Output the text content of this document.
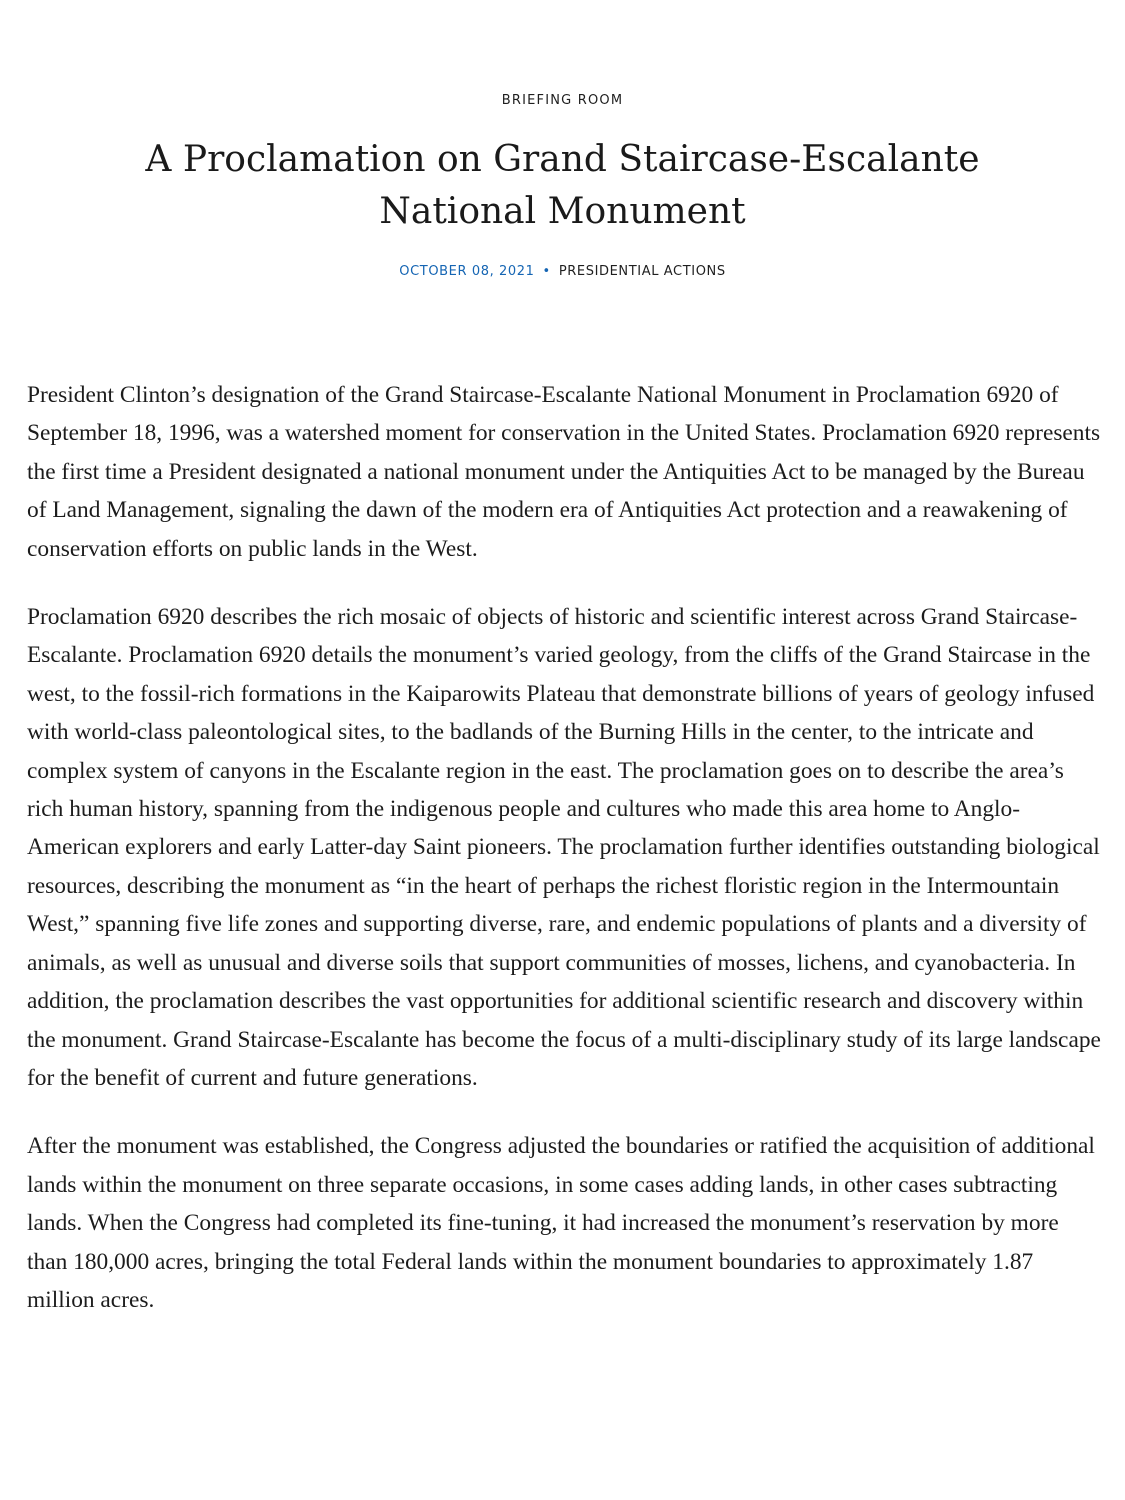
BRIEFING ROOM

A Proclamation on Grand Staircase-Escalante National Monument
OCTOBER 08, 2021 • PRESIDENTIAL ACTIONS

President Clinton’s designation of the Grand Staircase-Escalante National Monument in Proclamation 6920 of September 18, 1996, was a watershed moment for conservation in the United States. Proclamation 6920 represents the first time a President designated a national monument under the Antiquities Act to be managed by the Bureau of Land Management, signaling the dawn of the modern era of Antiquities Act protection and a reawakening of conservation efforts on public lands in the West.

Proclamation 6920 describes the rich mosaic of objects of historic and scientific interest across Grand Staircase-Escalante. Proclamation 6920 details the monument’s varied geology, from the cliffs of the Grand Staircase in the west, to the fossil-rich formations in the Kaiparowits Plateau that demonstrate billions of years of geology infused with world-class paleontological sites, to the badlands of the Burning Hills in the center, to the intricate and complex system of canyons in the Escalante region in the east. The proclamation goes on to describe the area’s rich human history, spanning from the indigenous people and cultures who made this area home to Anglo-American explorers and early Latter-day Saint pioneers. The proclamation further identifies outstanding biological resources, describing the monument as “in the heart of perhaps the richest floristic region in the Intermountain West,” spanning five life zones and supporting diverse, rare, and endemic populations of plants and a diversity of animals, as well as unusual and diverse soils that support communities of mosses, lichens, and cyanobacteria. In addition, the proclamation describes the vast opportunities for additional scientific research and discovery within the monument. Grand Staircase-Escalante has become the focus of a multi-disciplinary study of its large landscape for the benefit of current and future generations.

After the monument was established, the Congress adjusted the boundaries or ratified the acquisition of additional lands within the monument on three separate occasions, in some cases adding lands, in other cases subtracting lands. When the Congress had completed its fine-tuning, it had increased the monument’s reservation by more than 180,000 acres, bringing the total Federal lands within the monument boundaries to approximately 1.87 million acres.
